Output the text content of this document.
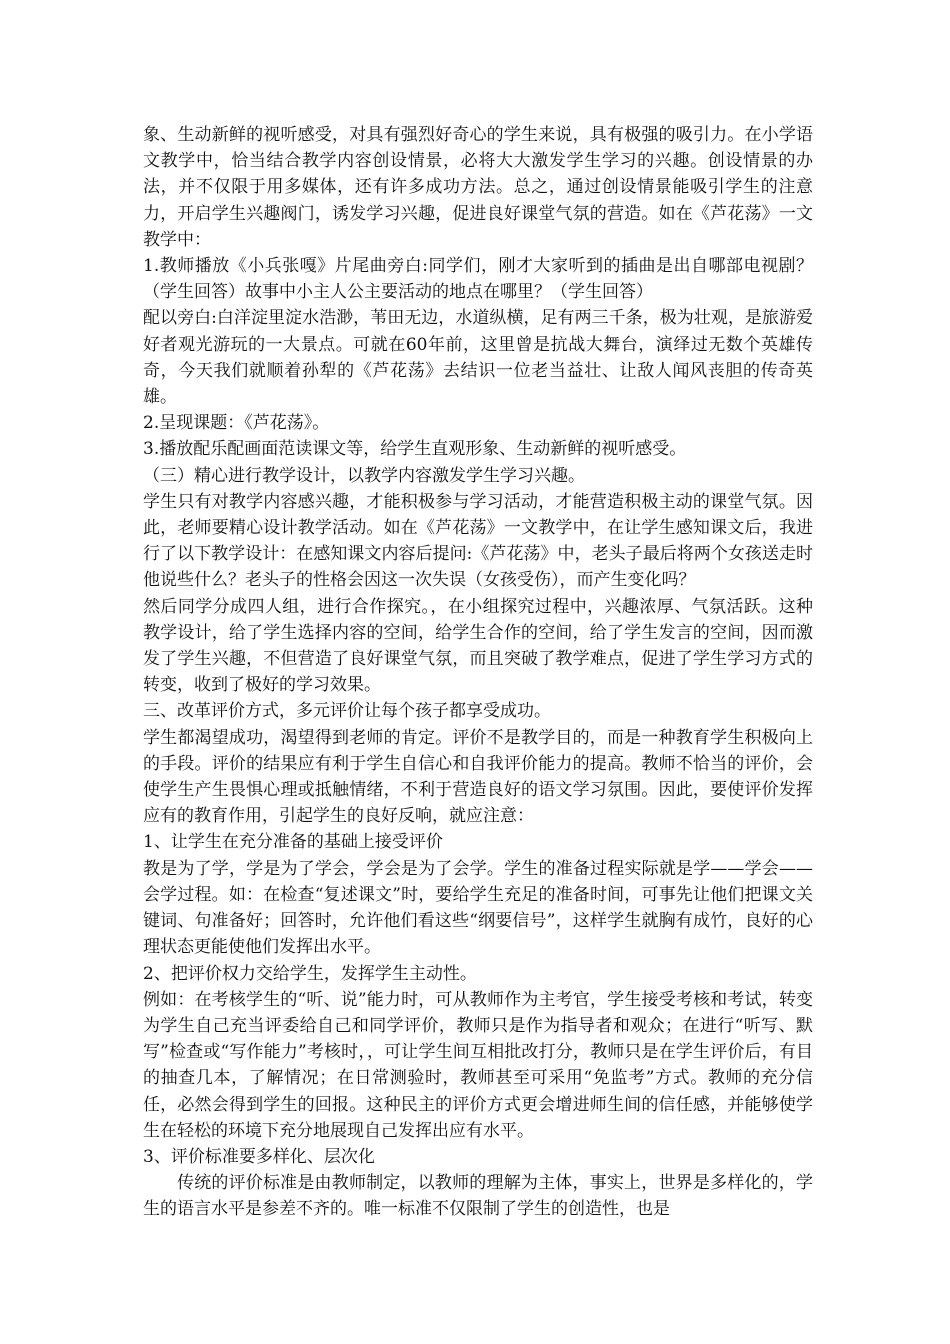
象、生动新鲜的视听感受，对具有强烈好奇心的学生来说，具有极强的吸引力。在小学语文教学中，恰当结合教学内容创设情景，必将大大激发学生学习的兴趣。创设情景的办法，并不仅限于用多媒体，还有许多成功方法。总之，通过创设情景能吸引学生的注意力，开启学生兴趣阀门，诱发学习兴趣，促进良好课堂气氛的营造。如在《芦花荡》一文教学中：

1.教师播放《小兵张嘎》片尾曲旁白:同学们，刚才大家听到的插曲是出自哪部电视剧？（学生回答）故事中小主人公主要活动的地点在哪里？（学生回答）

配以旁白:白洋淀里淀水浩渺，苇田无边，水道纵横，足有两三千条，极为壮观，是旅游爱好者观光游玩的一大景点。可就在60年前，这里曾是抗战大舞台，演绎过无数个英雄传奇，今天我们就顺着孙犁的《芦花荡》去结识一位老当益壮、让敌人闻风丧胆的传奇英雄。

2.呈现课题：《芦花荡》。

3.播放配乐配画面范读课文等，给学生直观形象、生动新鲜的视听感受。

（三）精心进行教学设计，以教学内容激发学生学习兴趣。

学生只有对教学内容感兴趣，才能积极参与学习活动，才能营造积极主动的课堂气氛。因此，老师要精心设计教学活动。如在《芦花荡》一文教学中，在让学生感知课文后，我进行了以下教学设计：在感知课文内容后提问:《芦花荡》中，老头子最后将两个女孩送走时他说些什么？老头子的性格会因这一次失误（女孩受伤），而产生变化吗？

然后同学分成四人组，进行合作探究。，在小组探究过程中，兴趣浓厚、气氛活跃。这种教学设计，给了学生选择内容的空间，给学生合作的空间，给了学生发言的空间，因而激发了学生兴趣，不但营造了良好课堂气氛，而且突破了教学难点，促进了学生学习方式的转变，收到了极好的学习效果。

三、改革评价方式，多元评价让每个孩子都享受成功。

学生都渴望成功，渴望得到老师的肯定。评价不是教学目的，而是一种教育学生积极向上的手段。评价的结果应有利于学生自信心和自我评价能力的提高。教师不恰当的评价，会使学生产生畏惧心理或抵触情绪，不利于营造良好的语文学习氛围。因此，要使评价发挥应有的教育作用，引起学生的良好反响，就应注意：

1、让学生在充分准备的基础上接受评价

教是为了学，学是为了学会，学会是为了会学。学生的准备过程实际就是学——学会——会学过程。如：在检查“复述课文”时，要给学生充足的准备时间，可事先让他们把课文关键词、句准备好；回答时，允许他们看这些“纲要信号”，这样学生就胸有成竹，良好的心理状态更能使他们发挥出水平。

2、把评价权力交给学生，发挥学生主动性。

例如：在考核学生的“听、说”能力时，可从教师作为主考官，学生接受考核和考试，转变为学生自己充当评委给自己和同学评价，教师只是作为指导者和观众；在进行“听写、默写”检查或“写作能力”考核时，，可让学生间互相批改打分，教师只是在学生评价后，有目的抽查几本，了解情况；在日常测验时，教师甚至可采用“免监考”方式。教师的充分信任，必然会得到学生的回报。这种民主的评价方式更会增进师生间的信任感，并能够使学生在轻松的环境下充分地展现自己发挥出应有水平。

3、评价标准要多样化、层次化

传统的评价标准是由教师制定，以教师的理解为主体，事实上，世界是多样化的，学生的语言水平是参差不齐的。唯一标准不仅限制了学生的创造性，也是
